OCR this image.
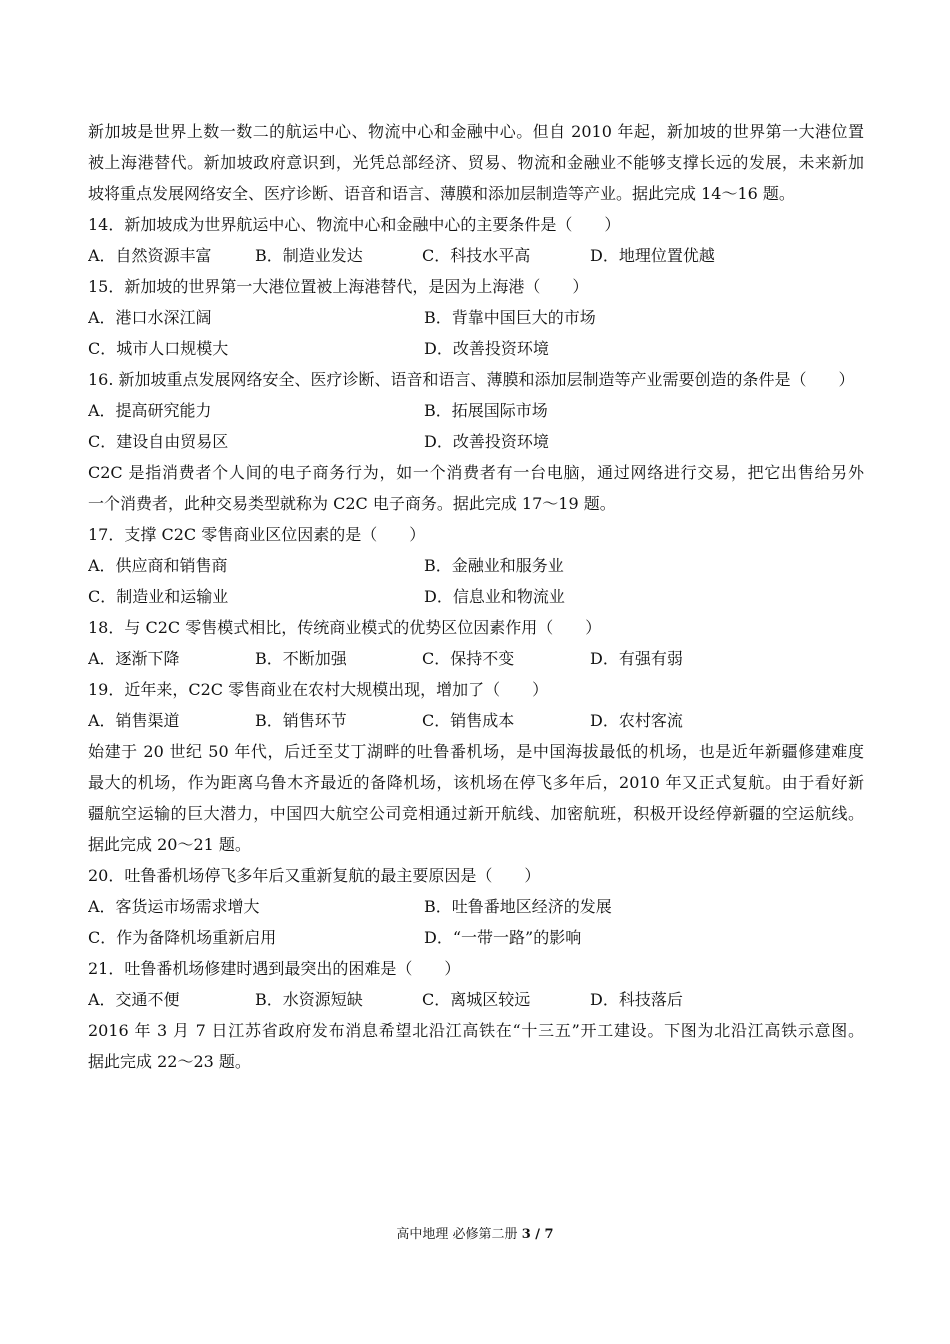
新加坡是世界上数一数二的航运中心、物流中心和金融中心。但自 2010 年起，新加坡的世界第一大港位置
被上海港替代。新加坡政府意识到，光凭总部经济、贸易、物流和金融业不能够支撑长远的发展，未来新加
坡将重点发展网络安全、医疗诊断、语音和语言、薄膜和添加层制造等产业。据此完成 14～16 题。
14．新加坡成为世界航运中心、物流中心和金融中心的主要条件是（　　）
A．自然资源丰富	B．制造业发达	C．科技水平高	D．地理位置优越
15．新加坡的世界第一大港位置被上海港替代，是因为上海港（　　）
A．港口水深江阔	B．背靠中国巨大的市场
C．城市人口规模大	D．改善投资环境
16. 新加坡重点发展网络安全、医疗诊断、语音和语言、薄膜和添加层制造等产业需要创造的条件是（　　）
A．提高研究能力	B．拓展国际市场
C．建设自由贸易区	D．改善投资环境
C2C 是指消费者个人间的电子商务行为，如一个消费者有一台电脑，通过网络进行交易，把它出售给另外
一个消费者，此种交易类型就称为 C2C 电子商务。据此完成 17～19 题。
17．支撑 C2C 零售商业区位因素的是（　　）
A．供应商和销售商	B．金融业和服务业
C．制造业和运输业	D．信息业和物流业
18．与 C2C 零售模式相比，传统商业模式的优势区位因素作用（　　）
A．逐渐下降	B．不断加强	C．保持不变	D．有强有弱
19．近年来，C2C 零售商业在农村大规模出现，增加了（　　）
A．销售渠道	B．销售环节	C．销售成本	D．农村客流
始建于 20 世纪 50 年代，后迁至艾丁湖畔的吐鲁番机场，是中国海拔最低的机场，也是近年新疆修建难度
最大的机场，作为距离乌鲁木齐最近的备降机场，该机场在停飞多年后，2010 年又正式复航。由于看好新
疆航空运输的巨大潜力，中国四大航空公司竞相通过新开航线、加密航班，积极开设经停新疆的空运航线。
据此完成 20～21 题。
20．吐鲁番机场停飞多年后又重新复航的最主要原因是（　　）
A．客货运市场需求增大	B．吐鲁番地区经济的发展
C．作为备降机场重新启用	D．“一带一路”的影响
21．吐鲁番机场修建时遇到最突出的困难是（　　）
A．交通不便	B．水资源短缺	C．离城区较远	D．科技落后
2016 年 3 月 7 日江苏省政府发布消息希望北沿江高铁在“十三五”开工建设。下图为北沿江高铁示意图。
据此完成 22～23 题。
高中地理 必修第二册 3 / 7
